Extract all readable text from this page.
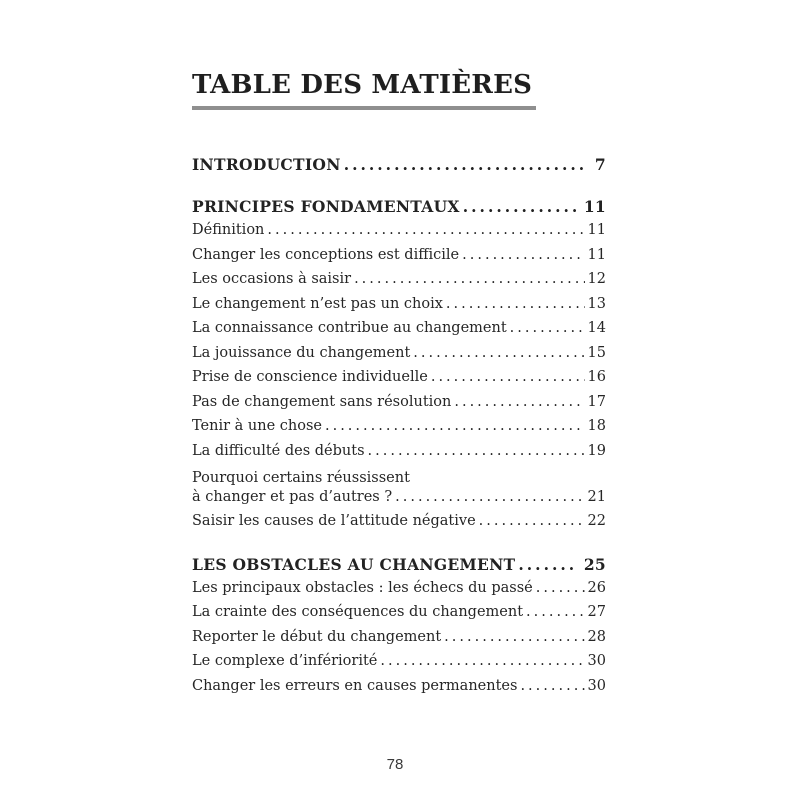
TABLE DES MATIÈRES
INTRODUCTION .....	7
PRINCIPES FONDAMENTAUX .....	11
Définition .....	11
Changer les conceptions est difficile .....	11
Les occasions à saisir .....	12
Le changement n’est pas un choix .....	13
La connaissance contribue au changement .....	14
La jouissance du changement .....	15
Prise de conscience individuelle .....	16
Pas de changement sans résolution .....	17
Tenir à une chose .....	18
La difficulté des débuts .....	19
Pourquoi certains réussissent
à changer et pas d’autres ? .....	21
Saisir les causes de l’attitude négative .....	22
LES OBSTACLES AU CHANGEMENT .....	25
Les principaux obstacles : les échecs du passé .....	26
La crainte des conséquences du changement .....	27
Reporter le début du changement .....	28
Le complexe d’infériorité .....	30
Changer les erreurs en causes permanentes .....	30
78
